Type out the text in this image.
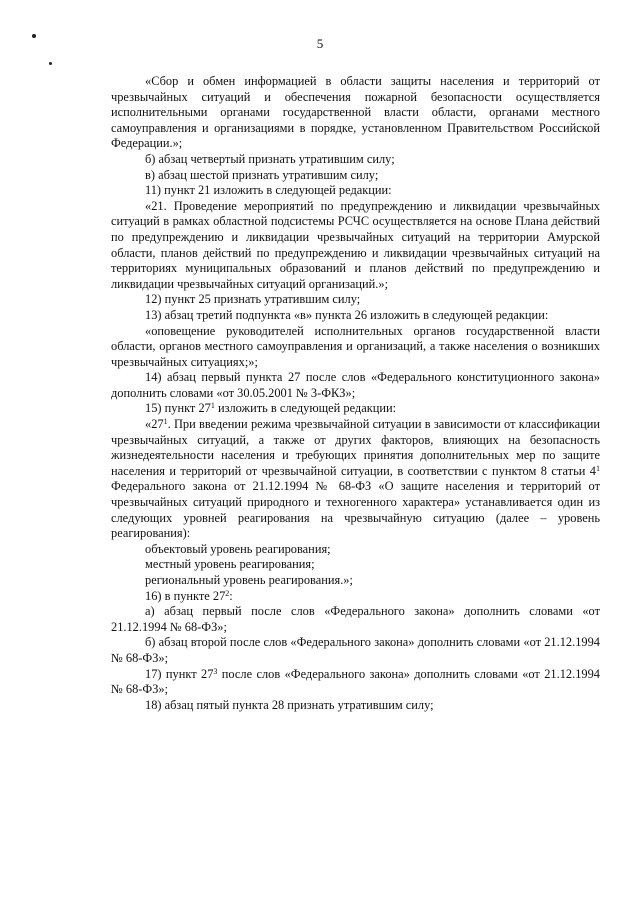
5

«Сбор и обмен информацией в области защиты населения и территорий от чрезвычайных ситуаций и обеспечения пожарной безопасности осуществляется исполнительными органами государственной власти области, органами местного самоуправления и организациями в порядке, установленном Правительством Российской Федерации.»;

б) абзац четвертый признать утратившим силу;

в) абзац шестой признать утратившим силу;

11) пункт 21 изложить в следующей редакции:

«21. Проведение мероприятий по предупреждению и ликвидации чрезвычайных ситуаций в рамках областной подсистемы РСЧС осуществляется на основе Плана действий по предупреждению и ликвидации чрезвычайных ситуаций на территории Амурской области, планов действий по предупреждению и ликвидации чрезвычайных ситуаций на территориях муниципальных образований и планов действий по предупреждению и ликвидации чрезвычайных ситуаций организаций.»;

12) пункт 25 признать утратившим силу;

13) абзац третий подпункта «в» пункта 26 изложить в следующей редакции:

«оповещение руководителей исполнительных органов государственной власти области, органов местного самоуправления и организаций, а также населения о возникших чрезвычайных ситуациях;»;

14) абзац первый пункта 27 после слов «Федерального конституционного закона» дополнить словами «от 30.05.2001 № 3-ФКЗ»;

15) пункт $27^1$ изложить в следующей редакции:

«$27^1$. При введении режима чрезвычайной ситуации в зависимости от классификации чрезвычайных ситуаций, а также от других факторов, влияющих на безопасность жизнедеятельности населения и требующих принятия дополнительных мер по защите населения и территорий от чрезвычайной ситуации, в соответствии с пунктом 8 статьи $4^1$ Федерального закона от 21.12.1994 № 68-ФЗ «О защите населения и территорий от чрезвычайных ситуаций природного и техногенного характера» устанавливается один из следующих уровней реагирования на чрезвычайную ситуацию (далее – уровень реагирования):

объектовый уровень реагирования;

местный уровень реагирования;

региональный уровень реагирования.»;

16) в пункте $27^2$:

а) абзац первый после слов «Федерального закона» дополнить словами «от 21.12.1994 № 68-ФЗ»;

б) абзац второй после слов «Федерального закона» дополнить словами «от 21.12.1994 № 68-ФЗ»;

17) пункт $27^3$ после слов «Федерального закона» дополнить словами «от 21.12.1994 № 68-ФЗ»;

18) абзац пятый пункта 28 признать утратившим силу;
